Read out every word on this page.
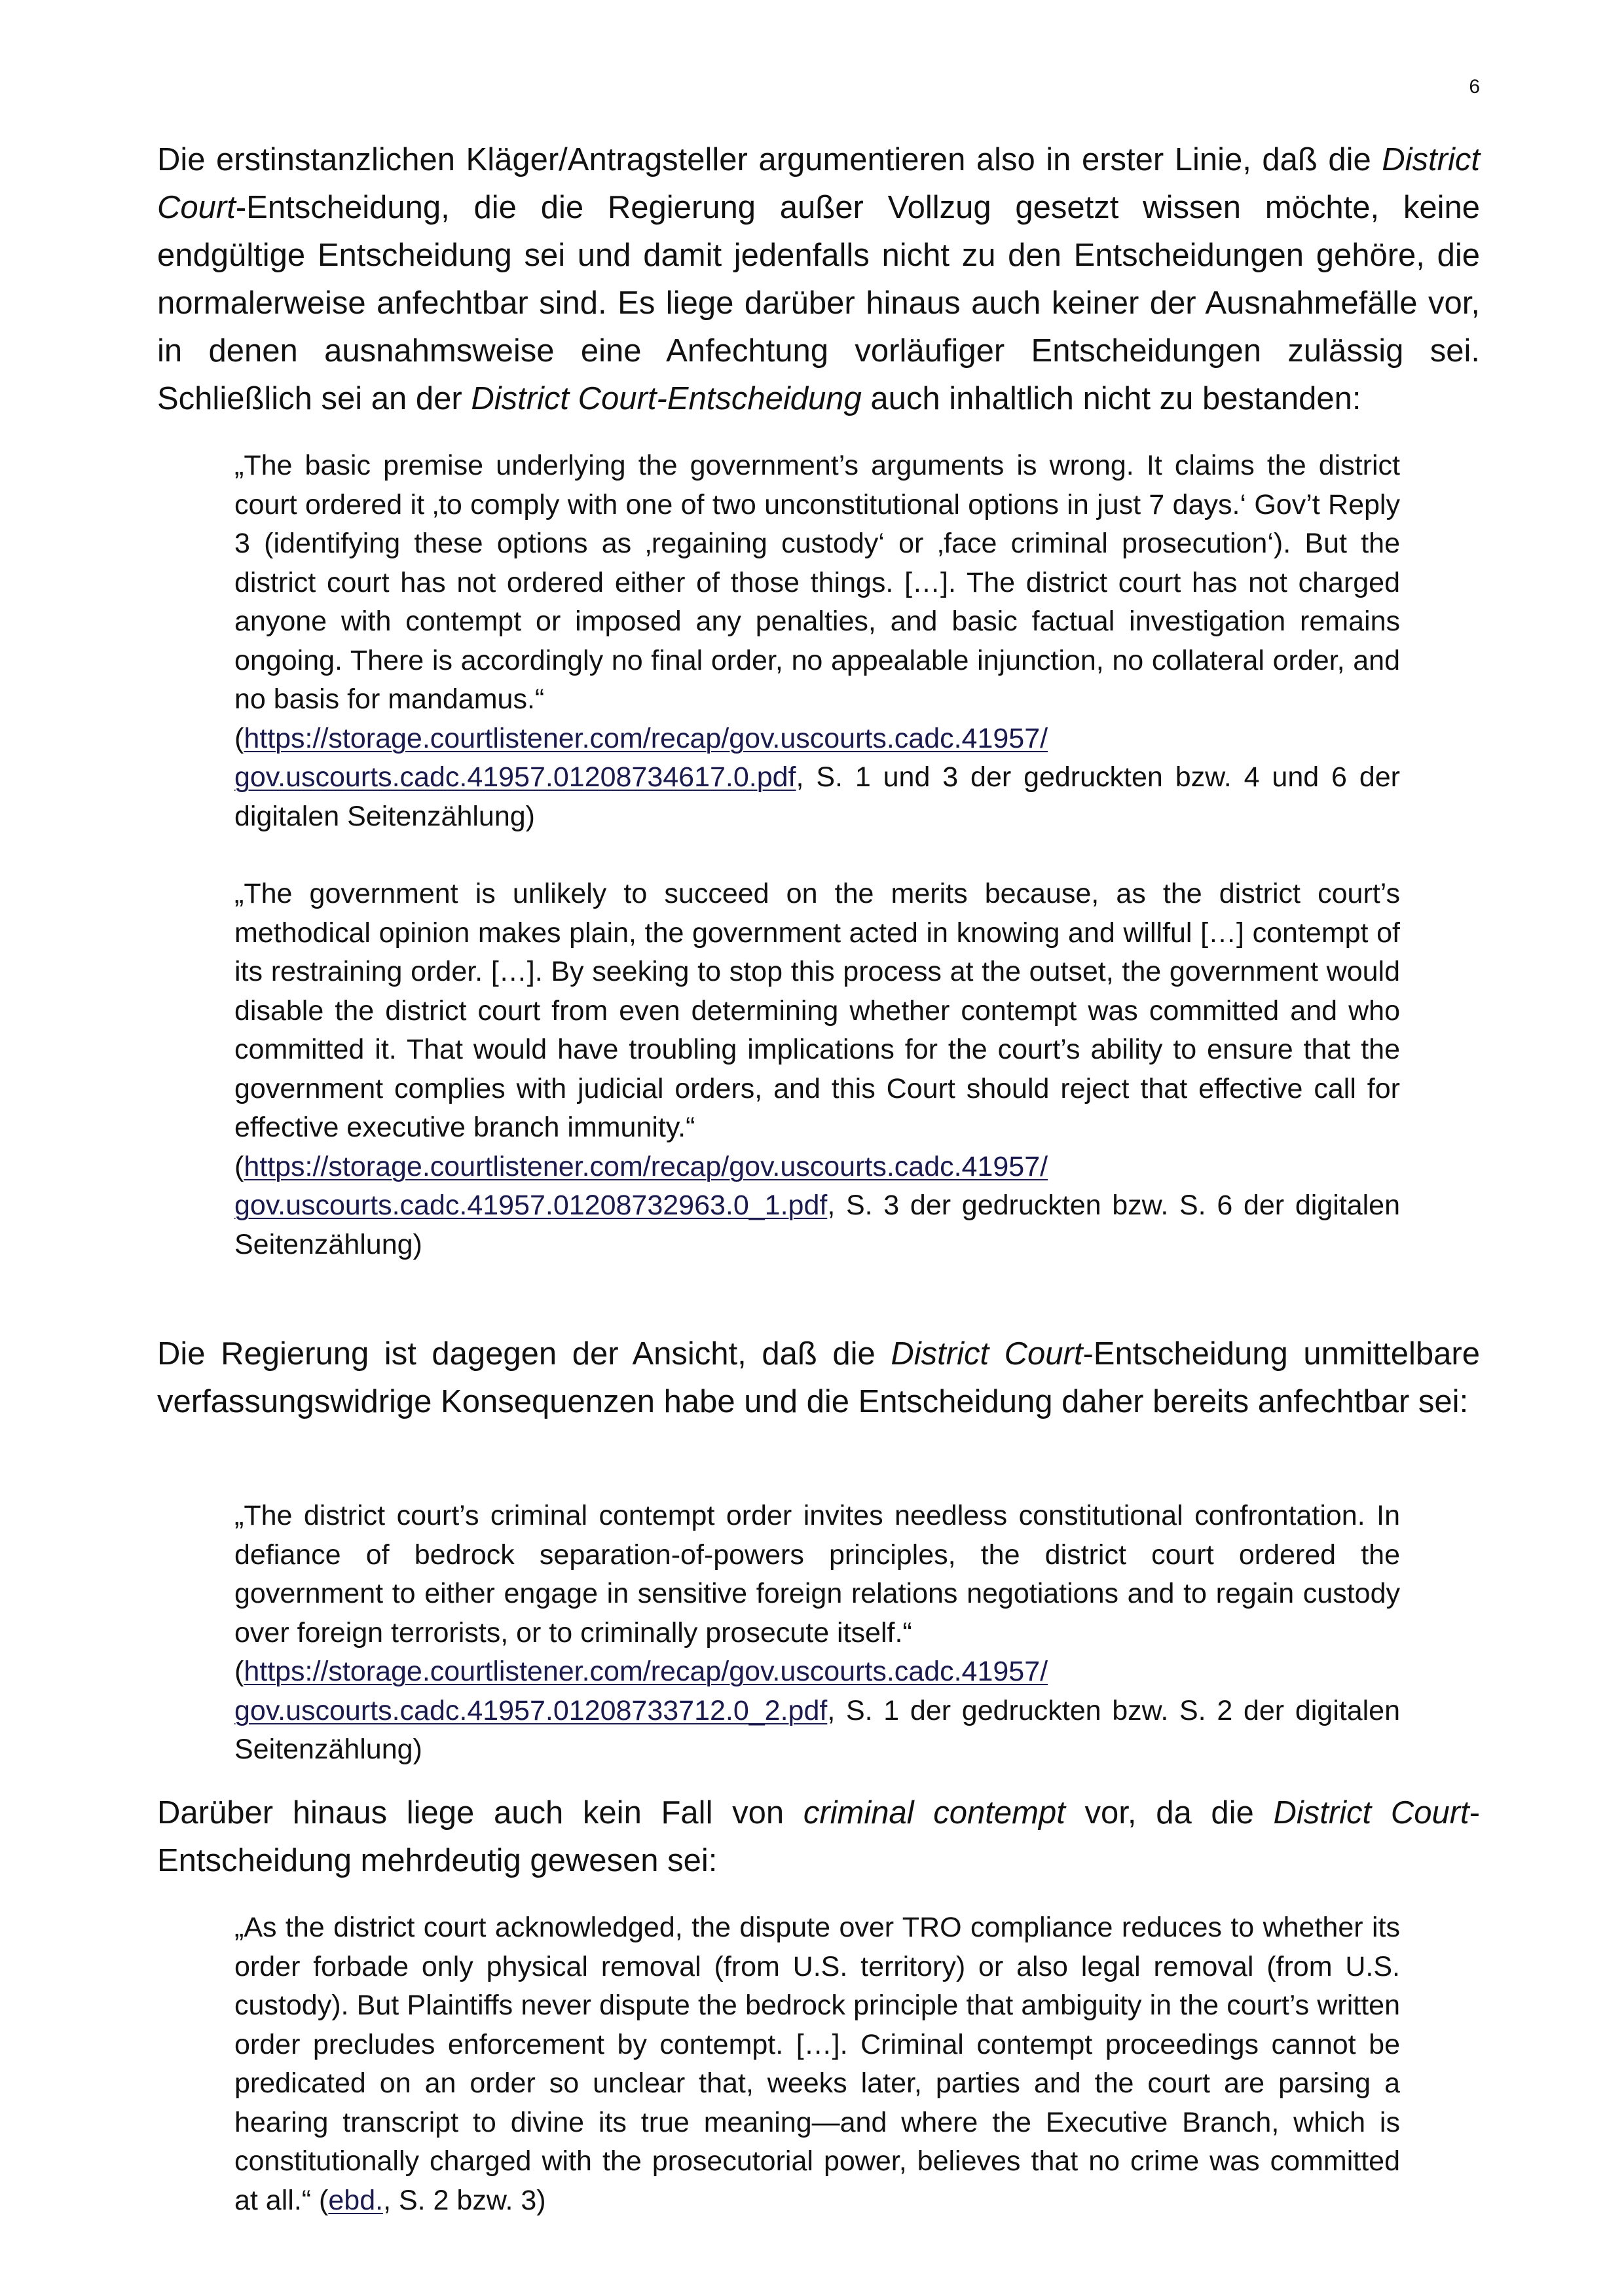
6

Die erstinstanzlichen Kläger/Antragsteller argumentieren also in erster Linie, daß die District Court-Entscheidung, die die Regierung außer Vollzug gesetzt wissen möchte, keine endgültige Entscheidung sei und damit jedenfalls nicht zu den Entscheidungen gehöre, die normalerweise anfechtbar sind. Es liege darüber hinaus auch keiner der Ausnahmefälle vor, in denen ausnahmsweise eine Anfechtung vorläufiger Entscheidungen zulässig sei. Schließlich sei an der District Court-Entscheidung auch inhaltlich nicht zu bestanden:

„The basic premise underlying the government’s arguments is wrong. It claims the district court ordered it ‚to comply with one of two unconstitutional options in just 7 days.‘ Gov’t Reply 3 (identifying these options as ‚regaining custody‘ or ‚face criminal prosecution‘). But the district court has not ordered either of those things. […]. The district court has not charged anyone with contempt or imposed any penalties, and basic factual investigation remains ongoing. There is accordingly no final order, no appealable injunction, no collateral order, and no basis for mandamus.“
(https://storage.courtlistener.com/recap/gov.uscourts.cadc.41957/
gov.uscourts.cadc.41957.01208734617.0.pdf, S. 1 und 3 der gedruckten bzw. 4 und 6 der digitalen Seitenzählung)
„The government is unlikely to succeed on the merits because, as the district court’s methodical opinion makes plain, the government acted in knowing and willful […] contempt of its restraining order. […]. By seeking to stop this process at the outset, the government would disable the district court from even determining whether contempt was committed and who committed it. That would have troubling implications for the court’s ability to ensure that the government complies with judicial orders, and this Court should reject that effective call for effective executive branch immunity.“
(https://storage.courtlistener.com/recap/gov.uscourts.cadc.41957/
gov.uscourts.cadc.41957.01208732963.0_1.pdf, S. 3 der gedruckten bzw. S. 6 der digitalen Seitenzählung)

Die Regierung ist dagegen der Ansicht, daß die District Court-Entscheidung unmittelbare verfassungswidrige Konsequenzen habe und die Entscheidung daher bereits anfechtbar sei:

„The district court’s criminal contempt order invites needless constitutional confrontation. In defiance of bedrock separation-of-powers principles, the district court ordered the government to either engage in sensitive foreign relations negotiations and to regain custody over foreign terrorists, or to criminally prosecute itself.“
(https://storage.courtlistener.com/recap/gov.uscourts.cadc.41957/
gov.uscourts.cadc.41957.01208733712.0_2.pdf, S. 1 der gedruckten bzw. S. 2 der digitalen Seitenzählung)

Darüber hinaus liege auch kein Fall von criminal contempt vor, da die District Court-Entscheidung mehrdeutig gewesen sei:

„As the district court acknowledged, the dispute over TRO compliance reduces to whether its order forbade only physical removal (from U.S. territory) or also legal removal (from U.S. custody). But Plaintiffs never dispute the bedrock principle that ambiguity in the court’s written order precludes enforcement by contempt. […]. Criminal contempt proceedings cannot be predicated on an order so unclear that, weeks later, parties and the court are parsing a hearing transcript to divine its true meaning—and where the Executive Branch, which is constitutionally charged with the prosecutorial power, believes that no crime was committed at all.“ (ebd., S. 2 bzw. 3)
